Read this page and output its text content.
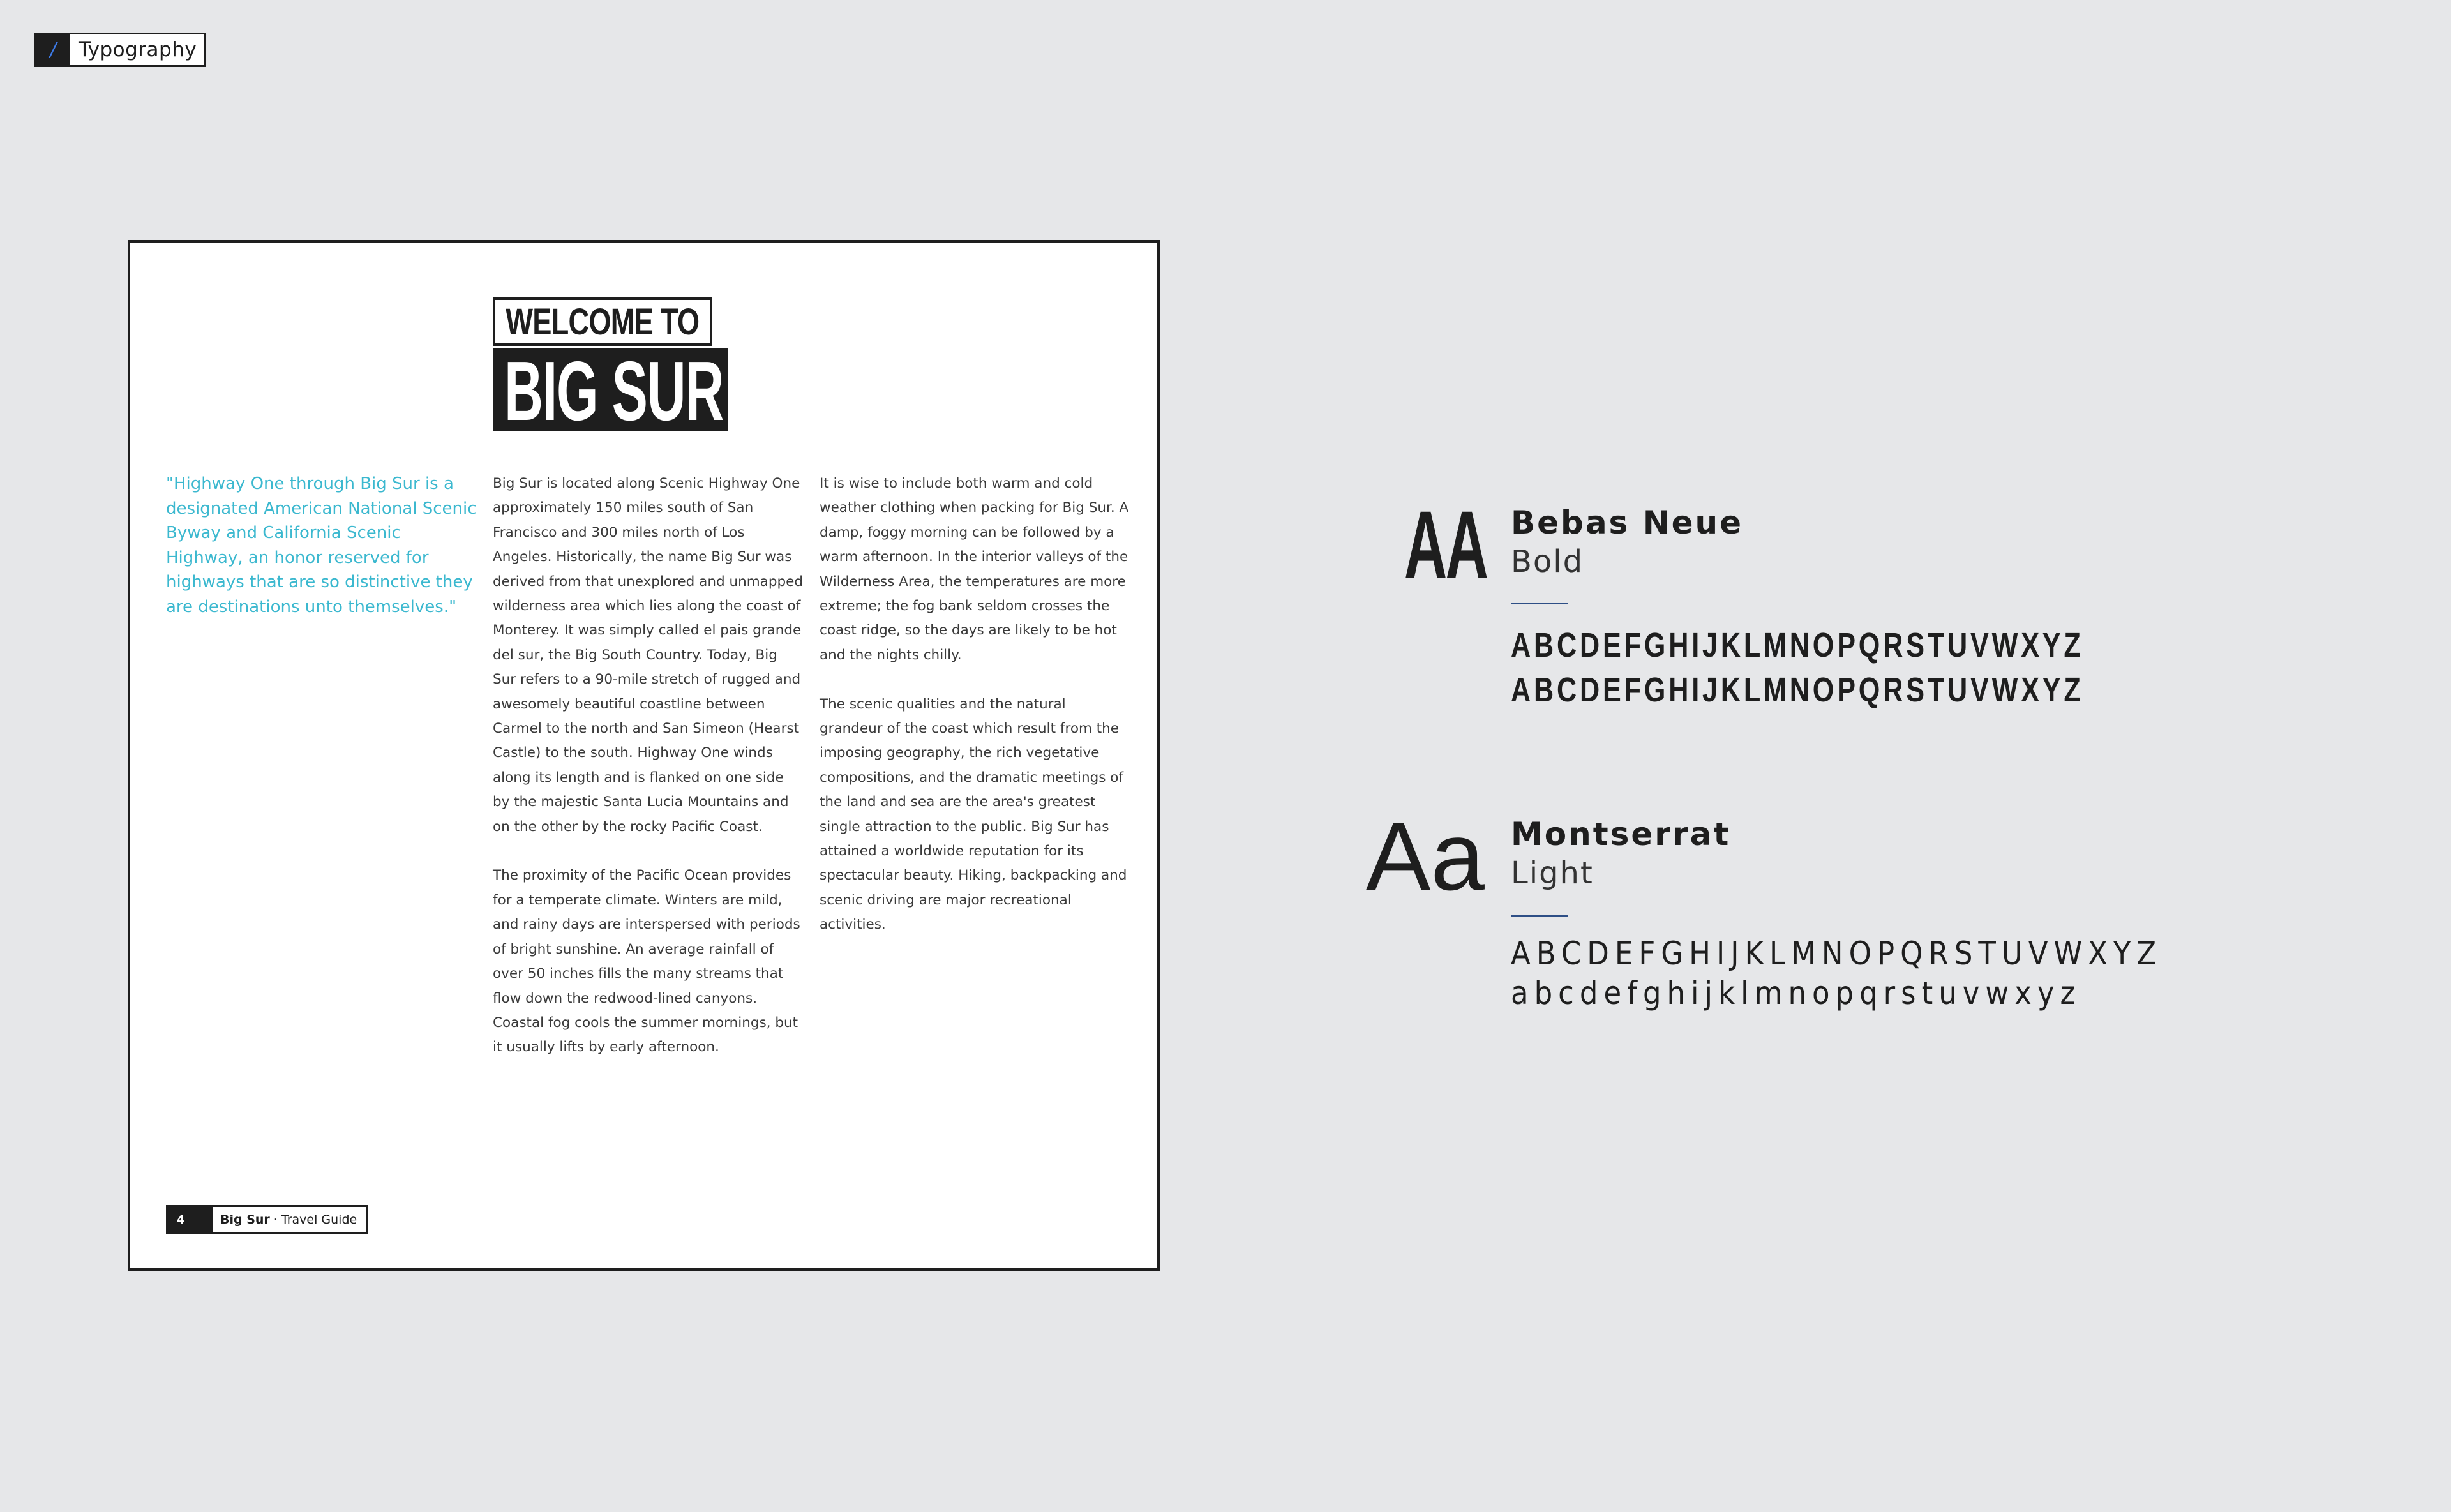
/	Typography
WELCOME TO
BIG SUR
"Highway One through Big Sur is a designated American National Scenic Byway and California Scenic Highway, an honor reserved for highways that are so distinctive they are destinations unto themselves."

Big Sur is located along Scenic Highway One approximately 150 miles south of San Francisco and 300 miles north of Los Angeles. Historically, the name Big Sur was derived from that unexplored and unmapped wilderness area which lies along the coast of Monterey. It was simply called el pais grande del sur, the Big South Country. Today, Big Sur refers to a 90-mile stretch of rugged and awesomely beautiful coastline between Carmel to the north and San Simeon (Hearst Castle) to the south. Highway One winds along its length and is flanked on one side by the majestic Santa Lucia Mountains and on the other by the rocky Pacific Coast.

The proximity of the Pacific Ocean provides for a temperate climate. Winters are mild, and rainy days are interspersed with periods of bright sunshine. An average rainfall of over 50 inches fills the many streams that flow down the redwood-lined canyons. Coastal fog cools the summer mornings, but it usually lifts by early afternoon.

It is wise to include both warm and cold weather clothing when packing for Big Sur. A damp, foggy morning can be followed by a warm afternoon. In the interior valleys of the Wilderness Area, the temperatures are more extreme; the fog bank seldom crosses the coast ridge, so the days are likely to be hot and the nights chilly.

The scenic qualities and the natural grandeur of the coast which result from the imposing geography, the rich vegetative compositions, and the dramatic meetings of the land and sea are the area's greatest single attraction to the public. Big Sur has attained a worldwide reputation for its spectacular beauty. Hiking, backpacking and scenic driving are major recreational activities.

4	Big Sur · Travel Guide
AA Bebas Neue
Bold
ABCDEFGHIJKLMNOPQRSTUVWXYZ
ABCDEFGHIJKLMNOPQRSTUVWXYZ
Aa Montserrat
Light
ABCDEFGHIJKLMNOPQRSTUVWXYZ
abcdefghijklmnopqrstuvwxyz
